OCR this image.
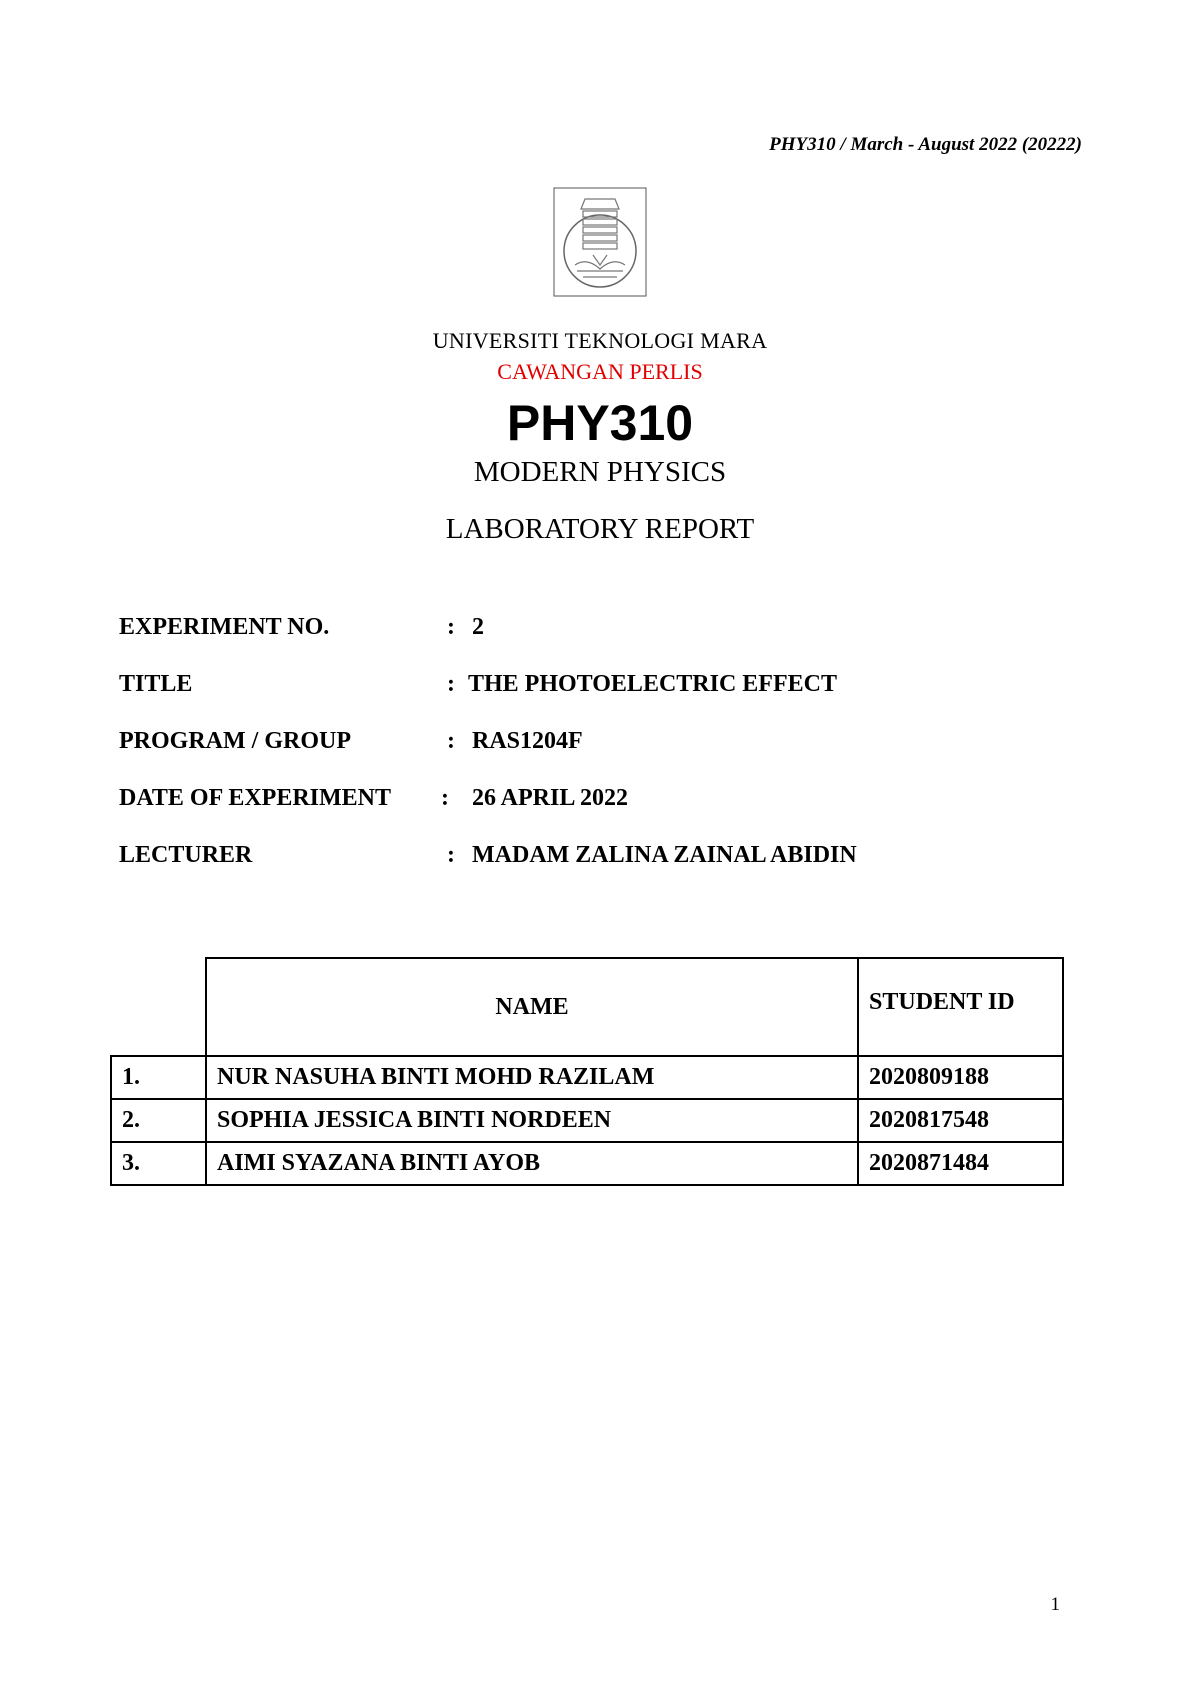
PHY310 / March - August 2022 (20222)
UNIVERSITI TEKNOLOGI MARA
CAWANGAN PERLIS
PHY310
MODERN PHYSICS
LABORATORY REPORT
EXPERIMENT NO.	: 2
TITLE	: THE PHOTOELECTRIC EFFECT
PROGRAM / GROUP	: RAS1204F
DATE OF EXPERIMENT : 26 APRIL 2022
LECTURER	: MADAM ZALINA ZAINAL ABIDIN
	NAME	STUDENT ID
1.	NUR NASUHA BINTI MOHD RAZILAM	2020809188
2.	SOPHIA JESSICA BINTI NORDEEN	2020817548
3.	AIMI SYAZANA BINTI AYOB	2020871484
1
